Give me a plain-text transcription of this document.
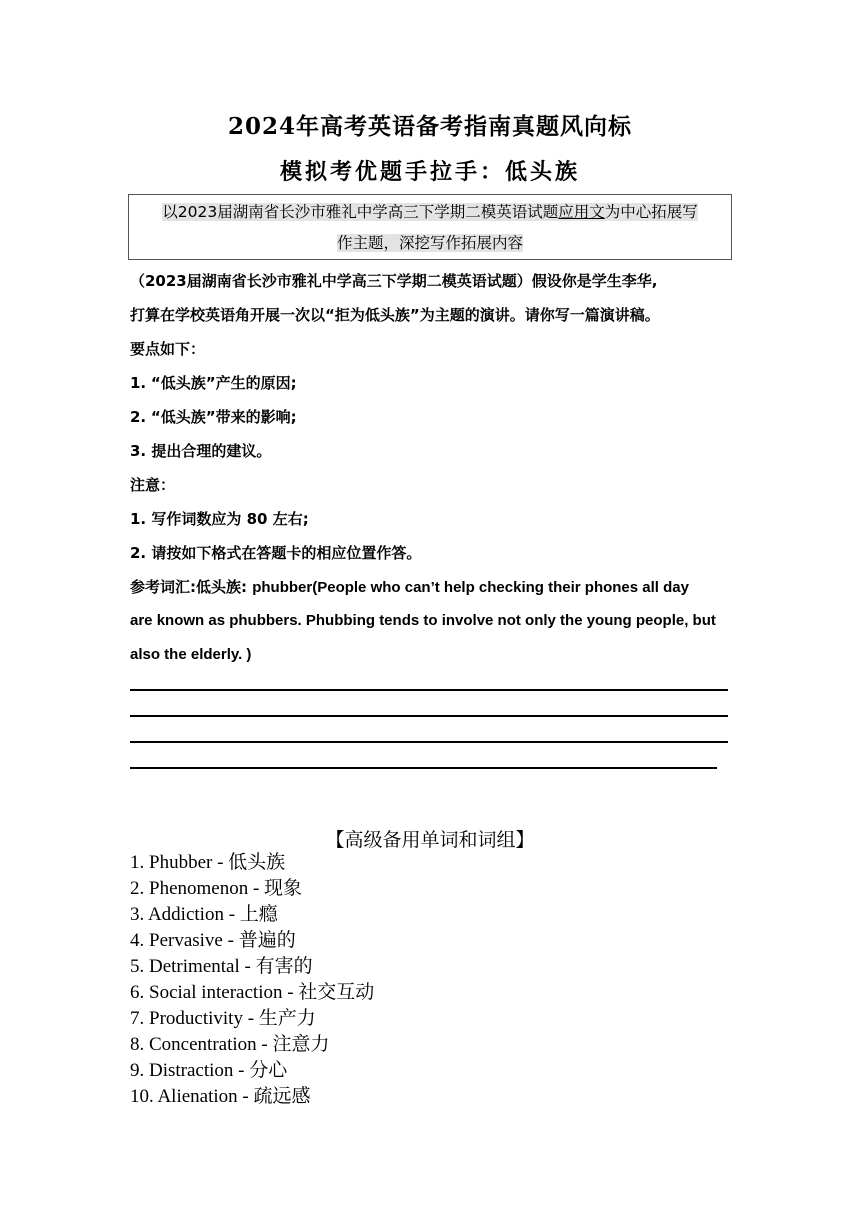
2024年高考英语备考指南真题风向标
模拟考优题手拉手：低头族
以2023届湖南省长沙市雅礼中学高三下学期二模英语试题应用文为中心拓展写
作主题，深挖写作拓展内容
（2023届湖南省长沙市雅礼中学高三下学期二模英语试题）假设你是学生李华,
打算在学校英语角开展一次以“拒为低头族”为主题的演讲。请你写一篇演讲稿。
要点如下：
1. “低头族”产生的原因;
2. “低头族”带来的影响;
3. 提出合理的建议。
注意：
1. 写作词数应为 80 左右;
2. 请按如下格式在答题卡的相应位置作答。
参考词汇:低头族: phubber(People who can’t help checking their phones all day
are known as phubbers. Phubbing tends to involve not only the young people, but
also the elderly. )
【高级备用单词和词组】
1. Phubber - 低头族
2. Phenomenon - 现象
3. Addiction - 上瘾
4. Pervasive - 普遍的
5. Detrimental - 有害的
6. Social interaction - 社交互动
7. Productivity - 生产力
8. Concentration - 注意力
9. Distraction - 分心
10. Alienation - 疏远感
